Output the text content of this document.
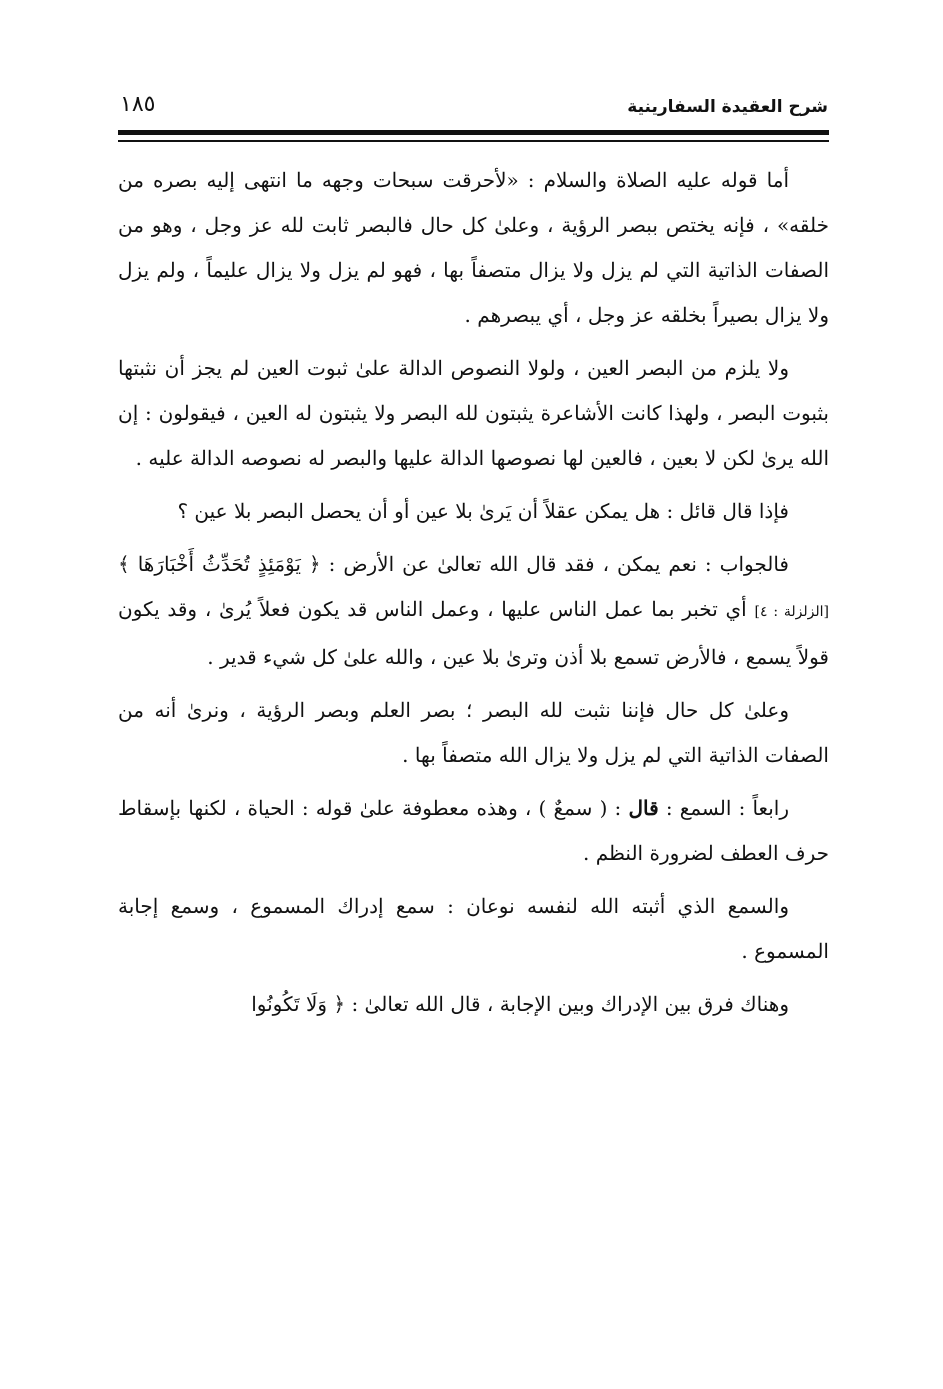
شرح العقيدة السفارينية
١٨٥

أما قوله عليه الصلاة والسلام : «لأحرقت سبحات وجهه ما انتهى إليه بصره من خلقه» ، فإنه يختص ببصر الرؤية ، وعلىٰ كل حال فالبصر ثابت لله عز وجل ، وهو من الصفات الذاتية التي لم يزل ولا يزال متصفاً بها ، فهو لم يزل ولا يزال عليماً ، ولم يزل ولا يزال بصيراً بخلقه عز وجل ، أي يبصرهم .

ولا يلزم من البصر العين ، ولولا النصوص الدالة علىٰ ثبوت العين لم يجز أن نثبتها بثبوت البصر ، ولهذا كانت الأشاعرة يثبتون لله البصر ولا يثبتون له العين ، فيقولون : إن الله يرىٰ لكن لا بعين ، فالعين لها نصوصها الدالة عليها والبصر له نصوصه الدالة عليه .

فإذا قال قائل : هل يمكن عقلاً أن يَرىٰ بلا عين أو أن يحصل البصر بلا عين ؟

فالجواب : نعم يمكن ، فقد قال الله تعالىٰ عن الأرض : ﴿ يَوْمَئِذٍ تُحَدِّثُ أَخْبَارَهَا ﴾ [الزلزلة : ٤] أي تخبر بما عمل الناس عليها ، وعمل الناس قد يكون فعلاً يُرىٰ ، وقد يكون قولاً يسمع ، فالأرض تسمع بلا أذن وترىٰ بلا عين ، والله علىٰ كل شيء قدير .

وعلىٰ كل حال فإننا نثبت لله البصر ؛ بصر العلم وبصر الرؤية ، ونرىٰ أنه من الصفات الذاتية التي لم يزل ولا يزال الله متصفاً بها .

رابعاً : السمع : قال : ( سمعٌ ) ، وهذه معطوفة علىٰ قوله : الحياة ، لكنها بإسقاط حرف العطف لضرورة النظم .

والسمع الذي أثبته الله لنفسه نوعان : سمع إدراك المسموع ، وسمع إجابة المسموع .

وهناك فرق بين الإدراك وبين الإجابة ، قال الله تعالىٰ : ﴿ وَلَا تَكُونُوا
